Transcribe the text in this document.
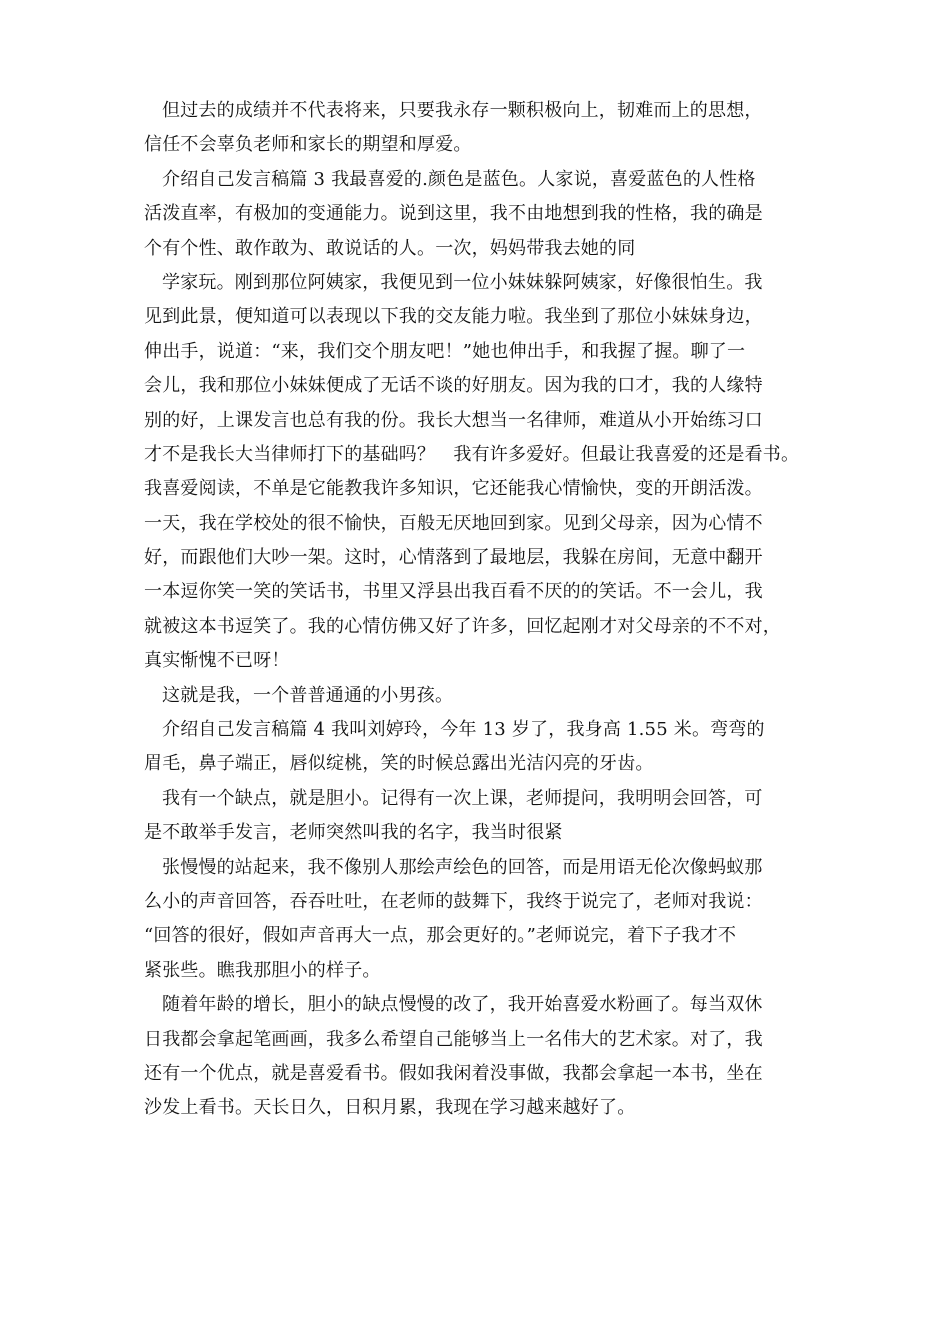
但过去的成绩并不代表将来，只要我永存一颗积极向上，韧难而上的思想，
信任不会辜负老师和家长的期望和厚爱。
介绍自己发言稿篇 3 我最喜爱的.颜色是蓝色。人家说，喜爱蓝色的人性格
活泼直率，有极加的变通能力。说到这里，我不由地想到我的性格，我的确是
个有个性、敢作敢为、敢说话的人。一次，妈妈带我去她的同
学家玩。刚到那位阿姨家，我便见到一位小妹妹躲阿姨家，好像很怕生。我
见到此景，便知道可以表现以下我的交友能力啦。我坐到了那位小妹妹身边，
伸出手，说道：“来，我们交个朋友吧！”她也伸出手，和我握了握。聊了一
会儿，我和那位小妹妹便成了无话不谈的好朋友。因为我的口才，我的人缘特
别的好，上课发言也总有我的份。我长大想当一名律师，难道从小开始练习口
才不是我长大当律师打下的基础吗？　我有许多爱好。但最让我喜爱的还是看书。
我喜爱阅读，不单是它能教我许多知识，它还能我心情愉快，变的开朗活泼。
一天，我在学校处的很不愉快，百般无厌地回到家。见到父母亲，因为心情不
好，而跟他们大吵一架。这时，心情落到了最地层，我躲在房间，无意中翻开
一本逗你笑一笑的笑话书，书里又浮县出我百看不厌的的笑话。不一会儿，我
就被这本书逗笑了。我的心情仿佛又好了许多，回忆起刚才对父母亲的不不对，
真实惭愧不已呀！
这就是我，一个普普通通的小男孩。
介绍自己发言稿篇 4 我叫刘婷玲，今年 13 岁了，我身高 1.55 米。弯弯的
眉毛，鼻子端正，唇似绽桃，笑的时候总露出光洁闪亮的牙齿。
我有一个缺点，就是胆小。记得有一次上课，老师提问，我明明会回答，可
是不敢举手发言，老师突然叫我的名字，我当时很紧
张慢慢的站起来，我不像别人那绘声绘色的回答，而是用语无伦次像蚂蚁那
么小的声音回答，吞吞吐吐，在老师的鼓舞下，我终于说完了，老师对我说：
“回答的很好，假如声音再大一点，那会更好的。”老师说完，着下子我才不
紧张些。瞧我那胆小的样子。
随着年龄的增长，胆小的缺点慢慢的改了，我开始喜爱水粉画了。每当双休
日我都会拿起笔画画，我多么希望自己能够当上一名伟大的艺术家。对了，我
还有一个优点，就是喜爱看书。假如我闲着没事做，我都会拿起一本书，坐在
沙发上看书。天长日久，日积月累，我现在学习越来越好了。
